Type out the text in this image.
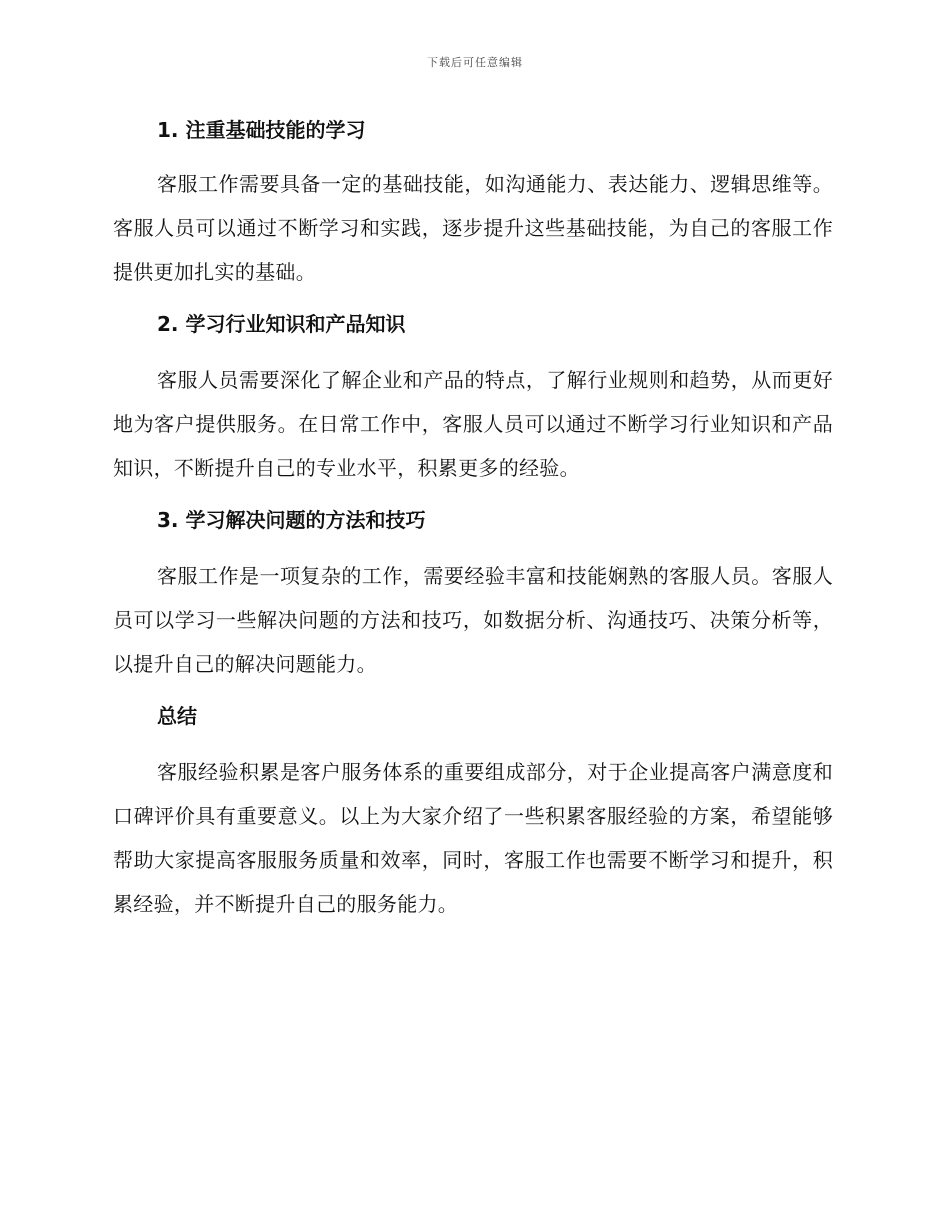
下载后可任意编辑

1. 注重基础技能的学习

客服工作需要具备一定的基础技能，如沟通能力、表达能力、逻辑思维等。客服人员可以通过不断学习和实践，逐步提升这些基础技能，为自己的客服工作提供更加扎实的基础。

2. 学习行业知识和产品知识

客服人员需要深化了解企业和产品的特点，了解行业规则和趋势，从而更好地为客户提供服务。在日常工作中，客服人员可以通过不断学习行业知识和产品知识，不断提升自己的专业水平，积累更多的经验。

3. 学习解决问题的方法和技巧

客服工作是一项复杂的工作，需要经验丰富和技能娴熟的客服人员。客服人员可以学习一些解决问题的方法和技巧，如数据分析、沟通技巧、决策分析等，以提升自己的解决问题能力。

总结

客服经验积累是客户服务体系的重要组成部分，对于企业提高客户满意度和口碑评价具有重要意义。以上为大家介绍了一些积累客服经验的方案，希望能够帮助大家提高客服服务质量和效率，同时，客服工作也需要不断学习和提升，积累经验，并不断提升自己的服务能力。
